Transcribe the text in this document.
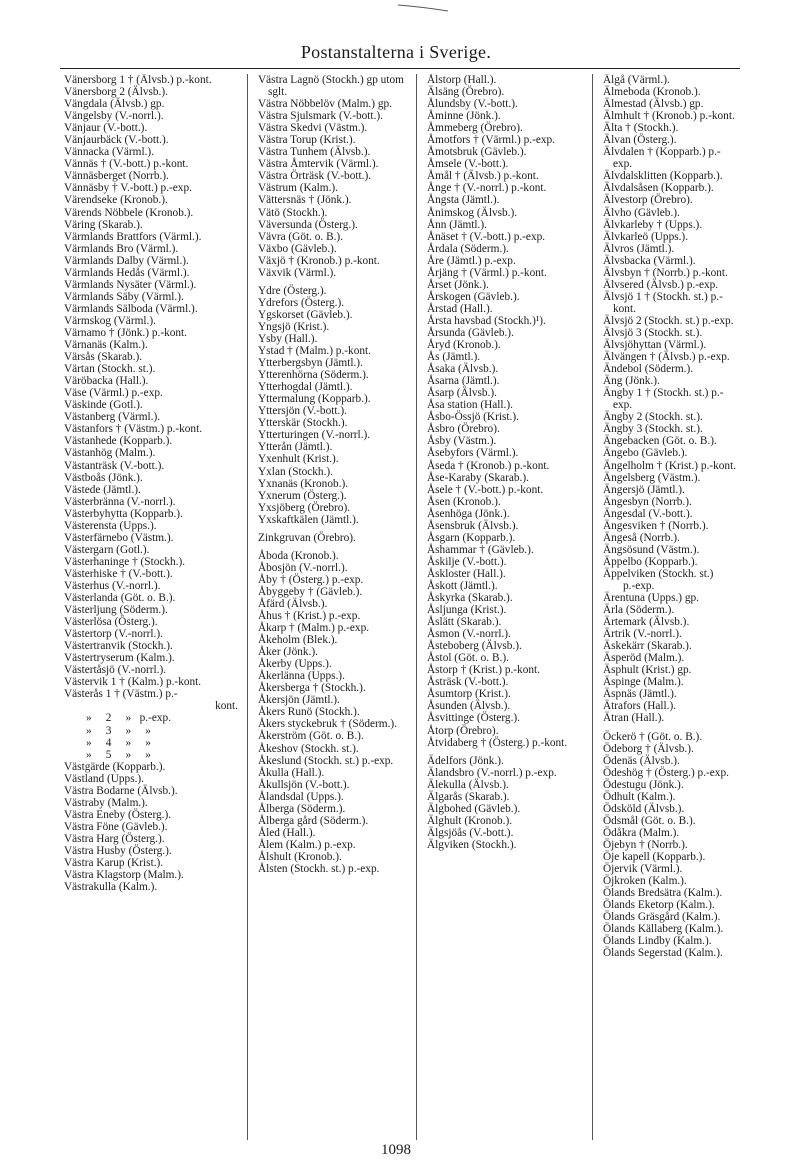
Postanstalterna i Sverige.
Vänersborg 1 † (Älvsb.) p.-kont.
Vänersborg 2 (Älvsb.).
Vängdala (Älvsb.) gp.
Vängelsby (V.-norrl.).
Vänjaur (V.-bott.).
Vänjaurbäck (V.-bott.).
Vännacka (Värml.).
Vännäs † (V.-bott.) p.-kont.
Vännäsberget (Norrb.).
Vännäsby † V.-bott.) p.-exp.
Värendseke (Kronob.).
Värends Nöbbele (Kronob.).
Väring (Skarab.).
Värmlands Brattfors (Värml.).
Värmlands Bro (Värml.).
Värmlands Dalby (Värml.).
Värmlands Hedås (Värml.).
Värmlands Nysäter (Värml.).
Värmlands Säby (Värml.).
Värmlands Sälboda (Värml.).
Värmskog (Värml.).
Värnamo † (Jönk.) p.-kont.
Värnanäs (Kalm.).
Värsås (Skarab.).
Värtan (Stockh. st.).
Väröbacka (Hall.).
Väse (Värml.) p.-exp.
Väskinde (Gotl.).
Västanberg (Värml.).
Västanfors † (Västm.) p.-kont.
Västanhede (Kopparb.).
Västanhög (Malm.).
Västanträsk (V.-bott.).
Västboås (Jönk.).
Västede (Jämtl.).
Västerbränna (V.-norrl.).
Västerbyhytta (Kopparb.).
Västerensta (Upps.).
Västerfärnebo (Västm.).
Västergarn (Gotl.).
Västerhaninge † (Stockh.).
Västerhiske † (V.-bott.).
Västerhus (V.-norrl.).
Västerlanda (Göt. o. B.).
Västerljung (Söderm.).
Västerlösa (Österg.).
Västertorp (V.-norrl.).
Västertranvik (Stockh.).
Västertryserum (Kalm.).
Västertåsjö (V.-norrl.).
Västervik 1 † (Kalm.) p.-kont.
Västerås 1 † (Västm.) p.-
kont.
»     2     »   p.-exp.
»     3     »     »
»     4     »     »
»     5     »     »
Västgärde (Kopparb.).
Västland (Upps.).
Västra Bodarne (Älvsb.).
Västraby (Malm.).
Västra Eneby (Österg.).
Västra Föne (Gävleb.).
Västra Harg (Österg.).
Västra Husby (Österg.).
Västra Karup (Krist.).
Västra Klagstorp (Malm.).
Västrakulla (Kalm.).
Västra Lagnö (Stockh.) gp utom sglt.
Västra Nöbbelöv (Malm.) gp.
Västra Sjulsmark (V.-bott.).
Västra Skedvi (Västm.).
Västra Torup (Krist.).
Västra Tunhem (Älvsb.).
Västra Åmtervik (Värml.).
Västra Örträsk (V.-bott.).
Västrum (Kalm.).
Vättersnäs † (Jönk.).
Vätö (Stockh.).
Väversunda (Österg.).
Vävra (Göt. o. B.).
Växbo (Gävleb.).
Växjö † (Kronob.) p.-kont.
Växvik (Värml.).
Ydre (Österg.).
Ydrefors (Österg.).
Ygskorset (Gävleb.).
Yngsjö (Krist.).
Ysby (Hall.).
Ystad † (Malm.) p.-kont.
Ytterbergsbyn (Jämtl.).
Ytterenhörna (Söderm.).
Ytterhogdal (Jämtl.).
Yttermalung (Kopparb.).
Yttersjön (V.-bott.).
Ytterskär (Stockh.).
Ytterturingen (V.-norrl.).
Ytterån (Jämtl.).
Yxenhult (Krist.).
Yxlan (Stockh.).
Yxnanäs (Kronob.).
Yxnerum (Österg.).
Yxsjöberg (Örebro).
Yxskaftkälen (Jämtl.).
Zinkgruvan (Örebro).
Åboda (Kronob.).
Åbosjön (V.-norrl.).
Åby † (Österg.) p.-exp.
Åbyggeby † (Gävleb.).
Åfärd (Älvsb.).
Åhus † (Krist.) p.-exp.
Åkarp † (Malm.) p.-exp.
Åkeholm (Blek.).
Åker (Jönk.).
Åkerby (Upps.).
Åkerlänna (Upps.).
Åkersberga † (Stockh.).
Åkersjön (Jämtl.).
Åkers Runö (Stockh.).
Åkers styckebruk † (Söderm.).
Åkerström (Göt. o. B.).
Åkeshov (Stockh. st.).
Åkeslund (Stockh. st.) p.-exp.
Åkulla (Hall.).
Åkullsjön (V.-bott.).
Ålandsdal (Upps.).
Ålberga (Söderm.).
Ålberga gård (Söderm.).
Åled (Hall.).
Ålem (Kalm.) p.-exp.
Ålshult (Kronob.).
Ålsten (Stockh. st.) p.-exp.
Ålstorp (Hall.).
Älsäng (Örebro).
Ålundsby (V.-bott.).
Åminne (Jönk.).
Åmmeberg (Örebro).
Åmotfors † (Värml.) p.-exp.
Åmotsbruk (Gävleb.).
Åmsele (V.-bott.).
Åmål † (Älvsb.) p.-kont.
Ånge † (V.-norrl.) p.-kont.
Ångsta (Jämtl.).
Ånimskog (Älvsb.).
Ånn (Jämtl.).
Ånäset † (V.-bott.) p.-exp.
Årdala (Söderm.).
Åre (Jämtl.) p.-exp.
Årjäng † (Värml.) p.-kont.
Årset (Jönk.).
Årskogen (Gävleb.).
Årstad (Hall.).
Årsta havsbad (Stockh.)¹).
Årsunda (Gävleb.).
Åryd (Kronob.).
Ås (Jämtl.).
Åsaka (Älvsb.).
Åsarna (Jämtl.).
Åsarp (Älvsb.).
Åsa station (Hall.).
Åsbo-Össjö (Krist.).
Åsbro (Örebro).
Åsby (Västm.).
Åsebyfors (Värml.).
Åseda † (Kronob.) p.-kont.
Åse-Karaby (Skarab.).
Åsele † (V.-bott.) p.-kont.
Åsen (Kronob.).
Åsenhöga (Jönk.).
Åsensbruk (Älvsb.).
Åsgarn (Kopparb.).
Åshammar † (Gävleb.).
Åskilje (V.-bott.).
Åskloster (Hall.).
Åskott (Jämtl.).
Åskyrka (Skarab.).
Åsljunga (Krist.).
Åslätt (Skarab.).
Åsmon (V.-norrl.).
Åsteboberg (Älvsb.).
Åstol (Göt. o. B.).
Åstorp † (Krist.) p.-kont.
Åsträsk (V.-bott.).
Åsumtorp (Krist.).
Åsunden (Älvsb.).
Åsvittinge (Österg.).
Åtorp (Örebro).
Åtvidaberg † (Österg.) p.-kont.
Ädelfors (Jönk.).
Älandsbro (V.-norrl.) p.-exp.
Älekulla (Älvsb.).
Älgarås (Skarab.).
Älgbohed (Gävleb.).
Älghult (Kronob.).
Älgsjöås (V.-bott.).
Älgviken (Stockh.).
Älgå (Värml.).
Älmeboda (Kronob.).
Älmestad (Älvsb.) gp.
Älmhult † (Kronob.) p.-kont.
Älta † (Stockh.).
Älvan (Österg.).
Älvdalen † (Kopparb.) p.-exp.
Älvdalsklitten (Kopparb.).
Älvdalsåsen (Kopparb.).
Älvestorp (Örebro).
Älvho (Gävleb.).
Älvkarleby † (Upps.).
Älvkarleö (Upps.).
Älvros (Jämtl.).
Älvsbacka (Värml.).
Älvsbyn † (Norrb.) p.-kont.
Älvsered (Älvsb.) p.-exp.
Älvsjö 1 † (Stockh. st.) p.-kont.
Älvsjö 2 (Stockh. st.) p.-exp.
Älvsjö 3 (Stockh. st.).
Älvsjöhyttan (Värml.).
Älvängen † (Älvsb.) p.-exp.
Ändebol (Söderm.).
Äng (Jönk.).
Ängby 1 † (Stockh. st.) p.-exp.
Ängby 2 (Stockh. st.).
Ängby 3 (Stockh. st.).
Ängebacken (Göt. o. B.).
Ängebo (Gävleb.).
Ängelholm † (Krist.) p.-kont.
Ängelsberg (Västm.).
Ängersjö (Jämtl.).
Ängesbyn (Norrb.).
Ängesdal (V.-bott.).
Ängesviken † (Norrb.).
Ängeså (Norrb.).
Ängsösund (Västm.).
Äppelbo (Kopparb.).
Äppelviken (Stockh. st.)
p.-exp.
Ärentuna (Upps.) gp.
Ärla (Söderm.).
Ärtemark (Älvsb.).
Ärtrik (V.-norrl.).
Äskekärr (Skarab.).
Äsperöd (Malm.).
Äsphult (Krist.) gp.
Äspinge (Malm.).
Äspnäs (Jämtl.).
Ätrafors (Hall.).
Ätran (Hall.).
Öckerö † (Göt. o. B.).
Ödeborg † (Älvsb.).
Ödenäs (Älvsb.).
Ödeshög † (Österg.) p.-exp.
Ödestugu (Jönk.).
Ödhult (Kalm.).
Ödsköld (Älvsb.).
Ödsmål (Göt. o. B.).
Ödåkra (Malm.).
Öjebyn † (Norrb.).
Öje kapell (Kopparb.).
Öjervik (Värml.).
Öjkroken (Kalm.).
Ölands Bredsätra (Kalm.).
Ölands Eketorp (Kalm.).
Ölands Gräsgård (Kalm.).
Ölands Källaberg (Kalm.).
Ölands Lindby (Kalm.).
Ölands Segerstad (Kalm.).
1098
